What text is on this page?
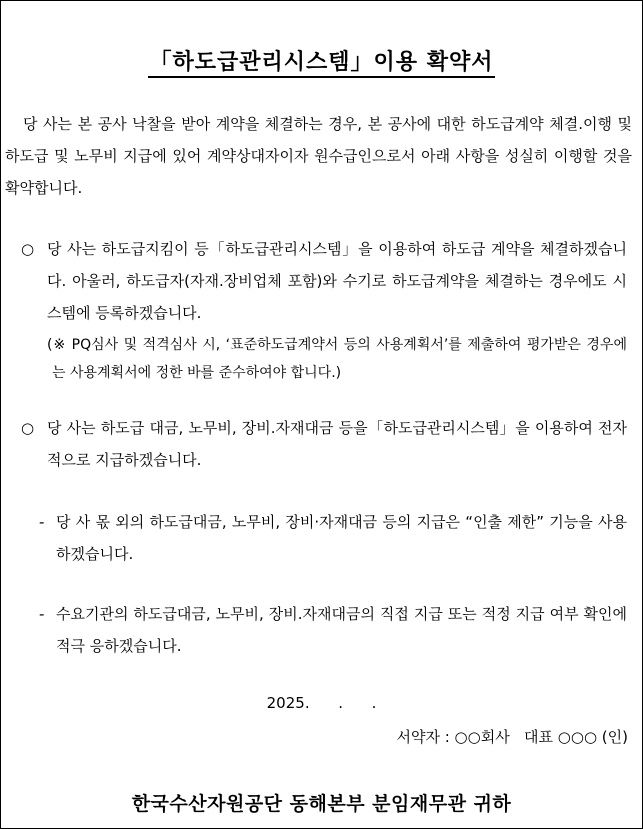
「하도급관리시스템」이용 확약서
당 사는 본 공사 낙찰을 받아 계약을 체결하는 경우, 본 공사에 대한 하도급계약 체결.이행 및 하도급 및 노무비 지급에 있어 계약상대자이자 원수급인으로서 아래 사항을 성실히 이행할 것을 확약합니다.
○ 당 사는 하도급지킴이 등「하도급관리시스템」을 이용하여 하도급 계약을 체결하겠습니다. 아울러, 하도급자(자재.장비업체 포함)와 수기로 하도급계약을 체결하는 경우에도 시스템에 등록하겠습니다.
(※ PQ심사 및 적격심사 시, ‘표준하도급계약서 등의 사용계획서’를 제출하여 평가받은 경우에는 사용계획서에 정한 바를 준수하여야 합니다.)
○ 당 사는 하도급 대금, 노무비, 장비.자재대금 등을「하도급관리시스템」을 이용하여 전자적으로 지급하겠습니다.
- 당 사 몫 외의 하도급대금, 노무비, 장비·자재대금 등의 지급은 “인출 제한” 기능을 사용하겠습니다.
- 수요기관의 하도급대금, 노무비, 장비.자재대금의 직접 지급 또는 적정 지급 여부 확인에 적극 응하겠습니다.
2025.      .      .
서약자 : ○○회사   대표 ○○○ (인)
한국수산자원공단 동해본부 분임재무관 귀하
